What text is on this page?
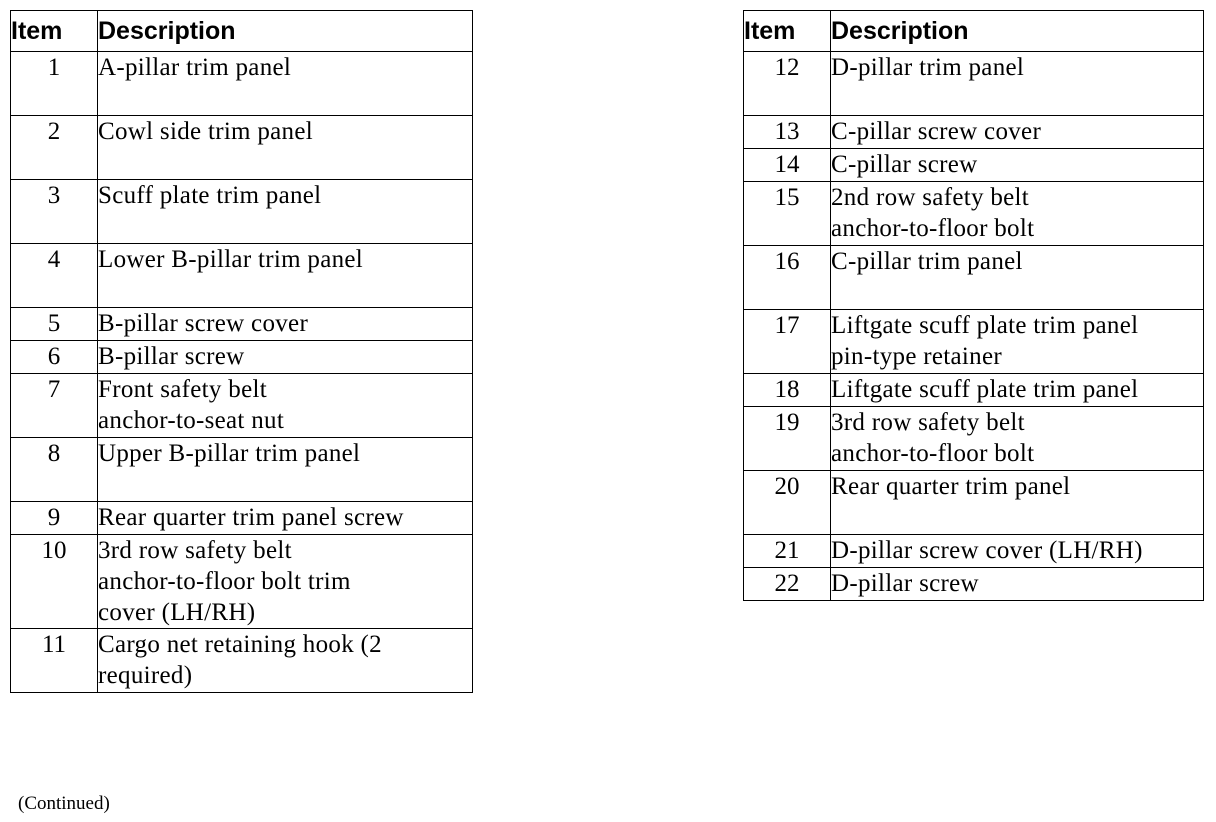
Item	Description
1	A-pillar trim panel
2	Cowl side trim panel
3	Scuff plate trim panel
4	Lower B-pillar trim panel
5	B-pillar screw cover
6	B-pillar screw
7	Front safety belt
anchor-to-seat nut
8	Upper B-pillar trim panel
9	Rear quarter trim panel screw
10	3rd row safety belt
anchor-to-floor bolt trim
cover (LH/RH)
11	Cargo net retaining hook (2
required)
(Continued)
Item	Description
12	D-pillar trim panel
13	C-pillar screw cover
14	C-pillar screw
15	2nd row safety belt
anchor-to-floor bolt
16	C-pillar trim panel
17	Liftgate scuff plate trim panel
pin-type retainer
18	Liftgate scuff plate trim panel
19	3rd row safety belt
anchor-to-floor bolt
20	Rear quarter trim panel
21	D-pillar screw cover (LH/RH)
22	D-pillar screw
